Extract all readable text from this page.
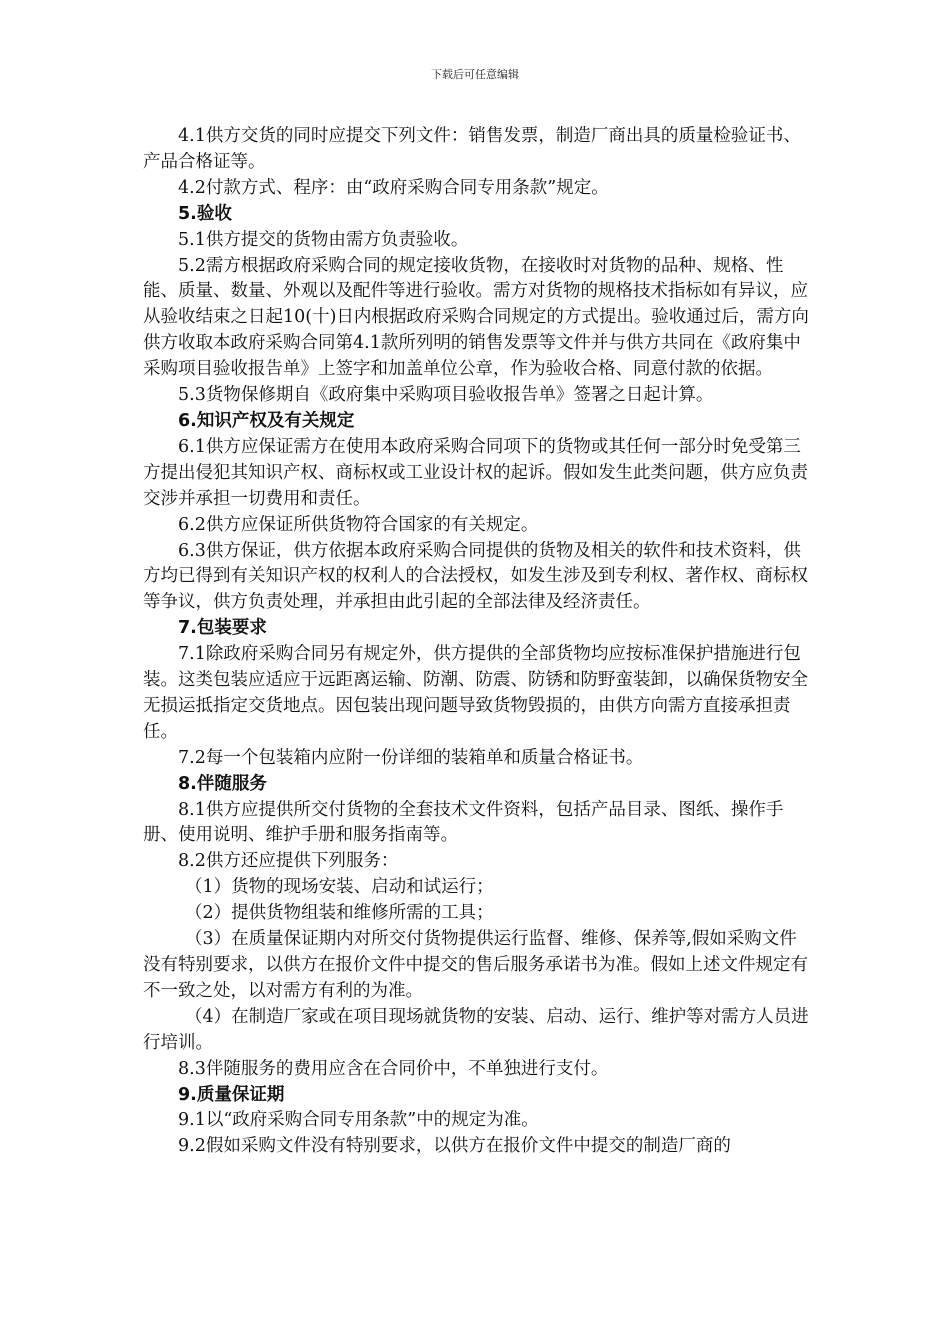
下载后可任意编辑

4.1供方交货的同时应提交下列文件：销售发票，制造厂商出具的质量检验证书、产品合格证等。

4.2付款方式、程序：由“政府采购合同专用条款”规定。

5.验收

5.1供方提交的货物由需方负责验收。

5.2需方根据政府采购合同的规定接收货物，在接收时对货物的品种、规格、性能、质量、数量、外观以及配件等进行验收。需方对货物的规格技术指标如有异议，应从验收结束之日起10(十)日内根据政府采购合同规定的方式提出。验收通过后，需方向供方收取本政府采购合同第4.1款所列明的销售发票等文件并与供方共同在《政府集中采购项目验收报告单》上签字和加盖单位公章，作为验收合格、同意付款的依据。

5.3货物保修期自《政府集中采购项目验收报告单》签署之日起计算。

6.知识产权及有关规定

6.1供方应保证需方在使用本政府采购合同项下的货物或其任何一部分时免受第三方提出侵犯其知识产权、商标权或工业设计权的起诉。假如发生此类问题，供方应负责交涉并承担一切费用和责任。

6.2供方应保证所供货物符合国家的有关规定。

6.3供方保证，供方依据本政府采购合同提供的货物及相关的软件和技术资料，供方均已得到有关知识产权的权利人的合法授权，如发生涉及到专利权、著作权、商标权等争议，供方负责处理，并承担由此引起的全部法律及经济责任。

7.包装要求

7.1除政府采购合同另有规定外，供方提供的全部货物均应按标准保护措施进行包装。这类包装应适应于远距离运输、防潮、防震、防锈和防野蛮装卸，以确保货物安全无损运抵指定交货地点。因包装出现问题导致货物毁损的，由供方向需方直接承担责任。

7.2每一个包装箱内应附一份详细的装箱单和质量合格证书。

8.伴随服务

8.1供方应提供所交付货物的全套技术文件资料，包括产品目录、图纸、操作手册、使用说明、维护手册和服务指南等。

8.2供方还应提供下列服务：

（1）货物的现场安装、启动和试运行；

（2）提供货物组装和维修所需的工具；

（3）在质量保证期内对所交付货物提供运行监督、维修、保养等,假如采购文件没有特别要求，以供方在报价文件中提交的售后服务承诺书为准。假如上述文件规定有不一致之处，以对需方有利的为准。

（4）在制造厂家或在项目现场就货物的安装、启动、运行、维护等对需方人员进行培训。

8.3伴随服务的费用应含在合同价中，不单独进行支付。

9.质量保证期

9.1以“政府采购合同专用条款”中的规定为准。

9.2假如采购文件没有特别要求，以供方在报价文件中提交的制造厂商的
